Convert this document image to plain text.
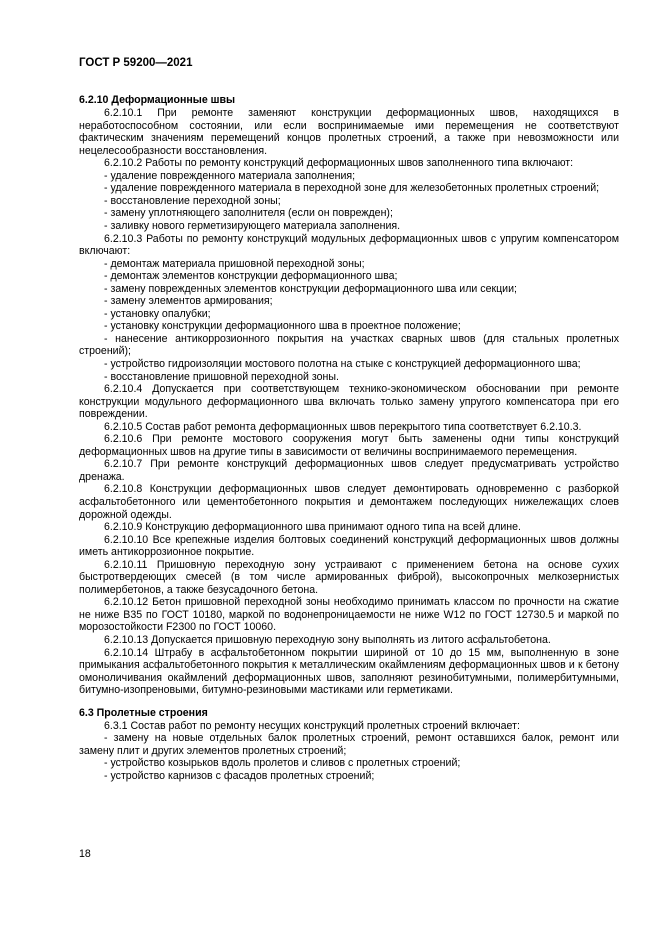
ГОСТ Р 59200—2021

6.2.10 Деформационные швы

6.2.10.1 При ремонте заменяют конструкции деформационных швов, находящихся в неработоспособном состоянии, или если воспринимаемые ими перемещения не соответствуют фактическим значениям перемещений концов пролетных строений, а также при невозможности или нецелесообразности восстановления.

6.2.10.2 Работы по ремонту конструкций деформационных швов заполненного типа включают:

- удаление поврежденного материала заполнения;

- удаление поврежденного материала в переходной зоне для железобетонных пролетных строений;

- восстановление переходной зоны;

- замену уплотняющего заполнителя (если он поврежден);

- заливку нового герметизирующего материала заполнения.

6.2.10.3 Работы по ремонту конструкций модульных деформационных швов с упругим компенсатором включают:

- демонтаж материала пришовной переходной зоны;

- демонтаж элементов конструкции деформационного шва;

- замену поврежденных элементов конструкции деформационного шва или секции;

- замену элементов армирования;

- установку опалубки;

- установку конструкции деформационного шва в проектное положение;

- нанесение антикоррозионного покрытия на участках сварных швов (для стальных пролетных строений);

- устройство гидроизоляции мостового полотна на стыке с конструкцией деформационного шва;

- восстановление пришовной переходной зоны.

6.2.10.4 Допускается при соответствующем технико-экономическом обосновании при ремонте конструкции модульного деформационного шва включать только замену упругого компенсатора при его повреждении.

6.2.10.5 Состав работ ремонта деформационных швов перекрытого типа соответствует 6.2.10.3.

6.2.10.6 При ремонте мостового сооружения могут быть заменены одни типы конструкций деформационных швов на другие типы в зависимости от величины воспринимаемого перемещения.

6.2.10.7 При ремонте конструкций деформационных швов следует предусматривать устройство дренажа.

6.2.10.8 Конструкции деформационных швов следует демонтировать одновременно с разборкой асфальтобетонного или цементобетонного покрытия и демонтажем последующих нижележащих слоев дорожной одежды.

6.2.10.9 Конструкцию деформационного шва принимают одного типа на всей длине.

6.2.10.10 Все крепежные изделия болтовых соединений конструкций деформационных швов должны иметь антикоррозионное покрытие.

6.2.10.11 Пришовную переходную зону устраивают с применением бетона на основе сухих быстротвердеющих смесей (в том числе армированных фиброй), высокопрочных мелкозернистых полимербетонов, а также безусадочного бетона.

6.2.10.12 Бетон пришовной переходной зоны необходимо принимать классом по прочности на сжатие не ниже В35 по ГОСТ 10180, маркой по водонепроницаемости не ниже W12 по ГОСТ 12730.5 и маркой по морозостойкости F2300 по ГОСТ 10060.

6.2.10.13 Допускается пришовную переходную зону выполнять из литого асфальтобетона.

6.2.10.14 Штрабу в асфальтобетонном покрытии шириной от 10 до 15 мм, выполненную в зоне примыкания асфальтобетонного покрытия к металлическим окаймлениям деформационных швов и к бетону омоноличивания окаймлений деформационных швов, заполняют резинобитумными, полимербитумными, битумно-изопреновыми, битумно-резиновыми мастиками или герметиками.

6.3 Пролетные строения

6.3.1 Состав работ по ремонту несущих конструкций пролетных строений включает:

- замену на новые отдельных балок пролетных строений, ремонт оставшихся балок, ремонт или замену плит и других элементов пролетных строений;

- устройство козырьков вдоль пролетов и сливов с пролетных строений;

- устройство карнизов с фасадов пролетных строений;

18
